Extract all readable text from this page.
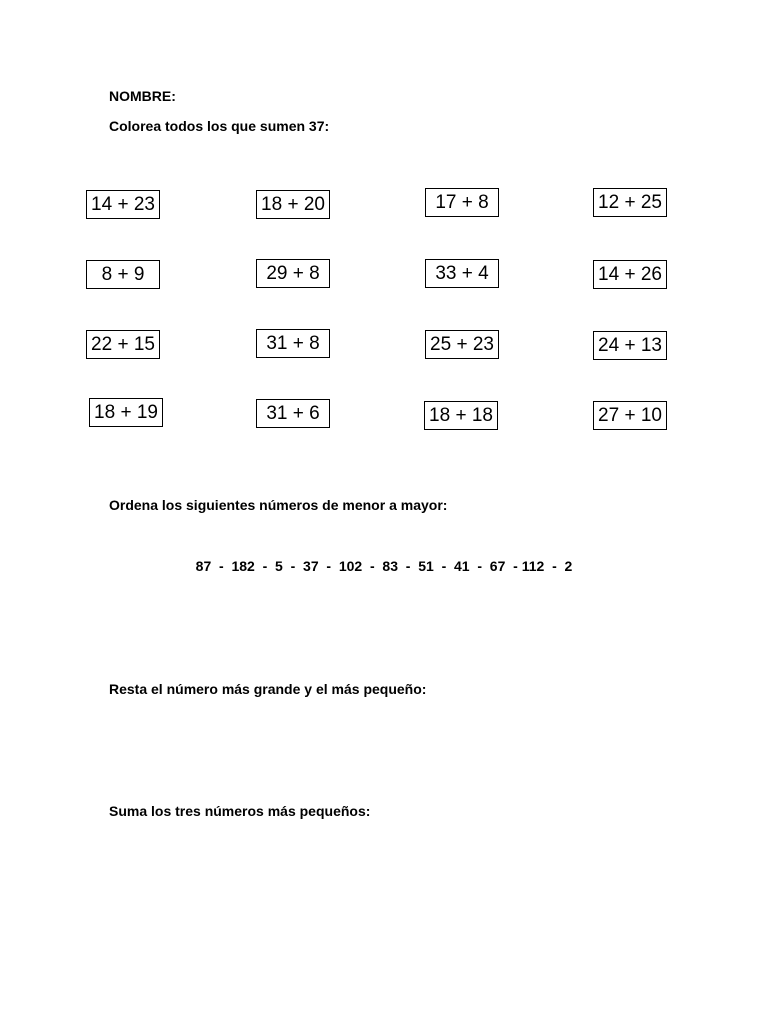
NOMBRE:
Colorea todos los que sumen 37:
14 + 23	18 + 20	17 + 8	12 + 25
8 + 9	29 + 8	33 + 4	14 + 26
22 + 15	31 + 8	25 + 23	24 + 13
18 + 19	31 + 6	18 + 18	27 + 10
Ordena los siguientes números de menor a mayor:
87  -  182  -  5  -  37  -  102  -  83  -  51  -  41  -  67  - 112  -  2
Resta el número más grande y el más pequeño:
Suma los tres números más pequeños:
